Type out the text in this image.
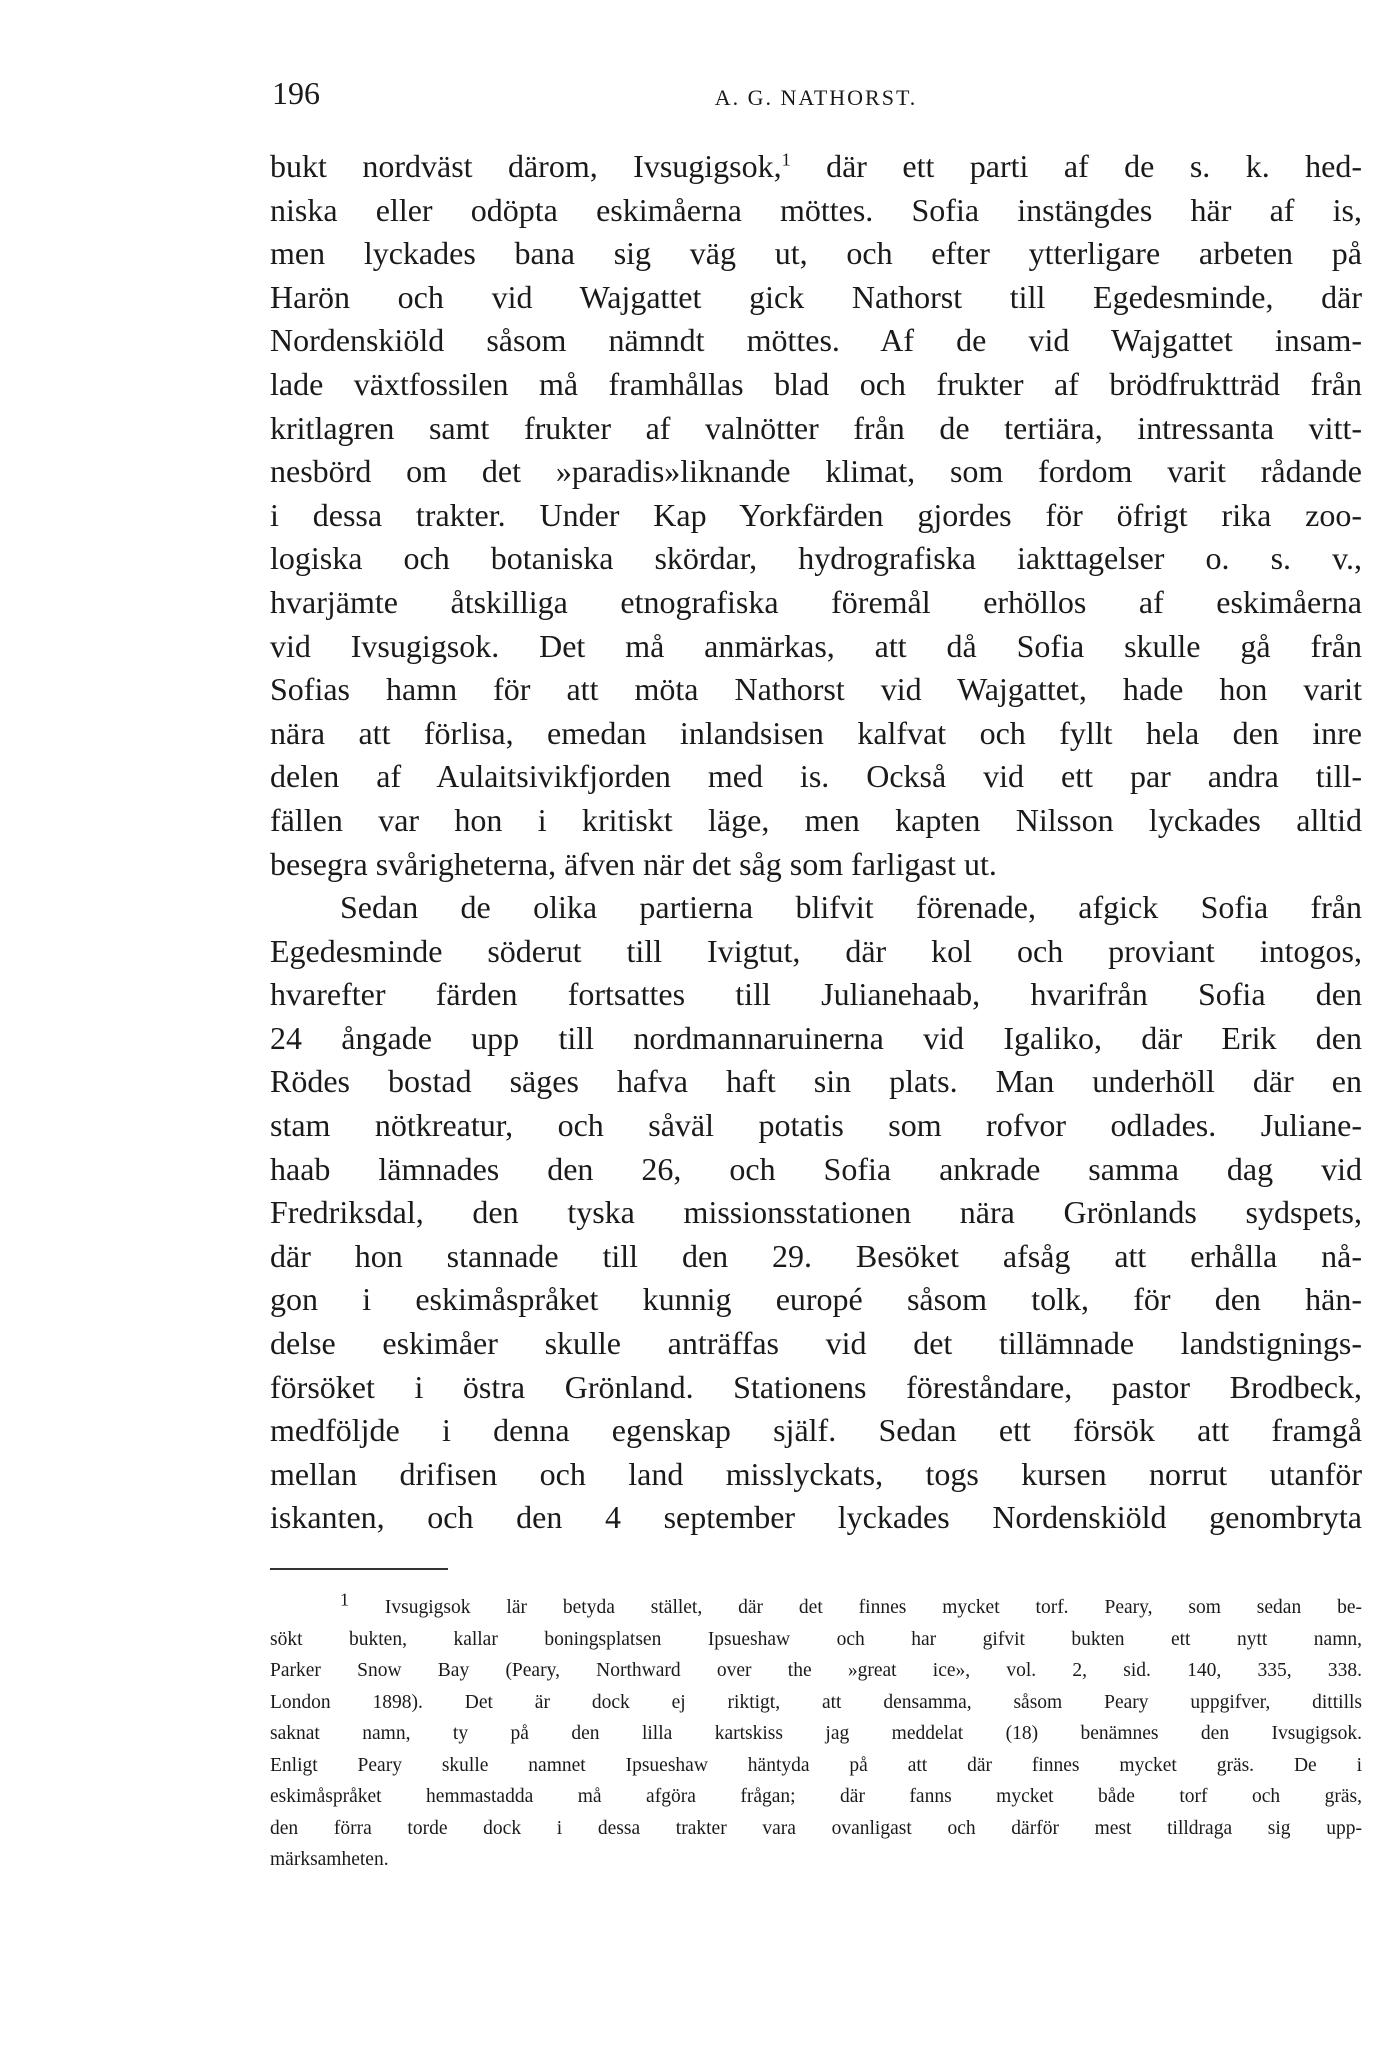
196	A. G. NATHORST.
bukt nordväst därom, Ivsugigsok,$^1$ där ett parti af de s. k. hed-
niska eller odöpta eskimåerna möttes. Sofia instängdes här af is,
men lyckades bana sig väg ut, och efter ytterligare arbeten på
Harön och vid Wajgattet gick Nathorst till Egedesminde, där
Nordenskiöld såsom nämndt möttes. Af de vid Wajgattet insam-
lade växtfossilen må framhållas blad och frukter af brödfruktträd från
kritlagren samt frukter af valnötter från de tertiära, intressanta vitt-
nesbörd om det »paradis»liknande klimat, som fordom varit rådande
i dessa trakter. Under Kap Yorkfärden gjordes för öfrigt rika zoo-
logiska och botaniska skördar, hydrografiska iakttagelser o. s. v.,
hvarjämte åtskilliga etnografiska föremål erhöllos af eskimåerna
vid Ivsugigsok. Det må anmärkas, att då Sofia skulle gå från
Sofias hamn för att möta Nathorst vid Wajgattet, hade hon varit
nära att förlisa, emedan inlandsisen kalfvat och fyllt hela den inre
delen af Aulaitsivikfjorden med is. Också vid ett par andra till-
fällen var hon i kritiskt läge, men kapten Nilsson lyckades alltid
besegra svårigheterna, äfven när det såg som farligast ut.
Sedan de olika partierna blifvit förenade, afgick Sofia från
Egedesminde söderut till Ivigtut, där kol och proviant intogos,
hvarefter färden fortsattes till Julianehaab, hvarifrån Sofia den
24 ångade upp till nordmannaruinerna vid Igaliko, där Erik den
Rödes bostad säges hafva haft sin plats. Man underhöll där en
stam nötkreatur, och såväl potatis som rofvor odlades. Juliane-
haab lämnades den 26, och Sofia ankrade samma dag vid
Fredriksdal, den tyska missionsstationen nära Grönlands sydspets,
där hon stannade till den 29. Besöket afsåg att erhålla nå-
gon i eskimåspråket kunnig europé såsom tolk, för den hän-
delse eskimåer skulle anträffas vid det tillämnade landstignings-
försöket i östra Grönland. Stationens föreståndare, pastor Brodbeck,
medföljde i denna egenskap själf. Sedan ett försök att framgå
mellan drifisen och land misslyckats, togs kursen norrut utanför
iskanten, och den 4 september lyckades Nordenskiöld genombryta
$^1$ Ivsugigsok lär betyda stället, där det finnes mycket torf. Peary, som sedan be-
sökt bukten, kallar boningsplatsen Ipsueshaw och har gifvit bukten ett nytt namn,
Parker Snow Bay (Peary, Northward over the »great ice», vol. 2, sid. 140, 335, 338.
London 1898). Det är dock ej riktigt, att densamma, såsom Peary uppgifver, dittills
saknat namn, ty på den lilla kartskiss jag meddelat (18) benämnes den Ivsugigsok.
Enligt Peary skulle namnet Ipsueshaw häntyda på att där finnes mycket gräs. De i
eskimåspråket hemmastadda må afgöra frågan; där fanns mycket både torf och gräs,
den förra torde dock i dessa trakter vara ovanligast och därför mest tilldraga sig upp-
märksamheten.
